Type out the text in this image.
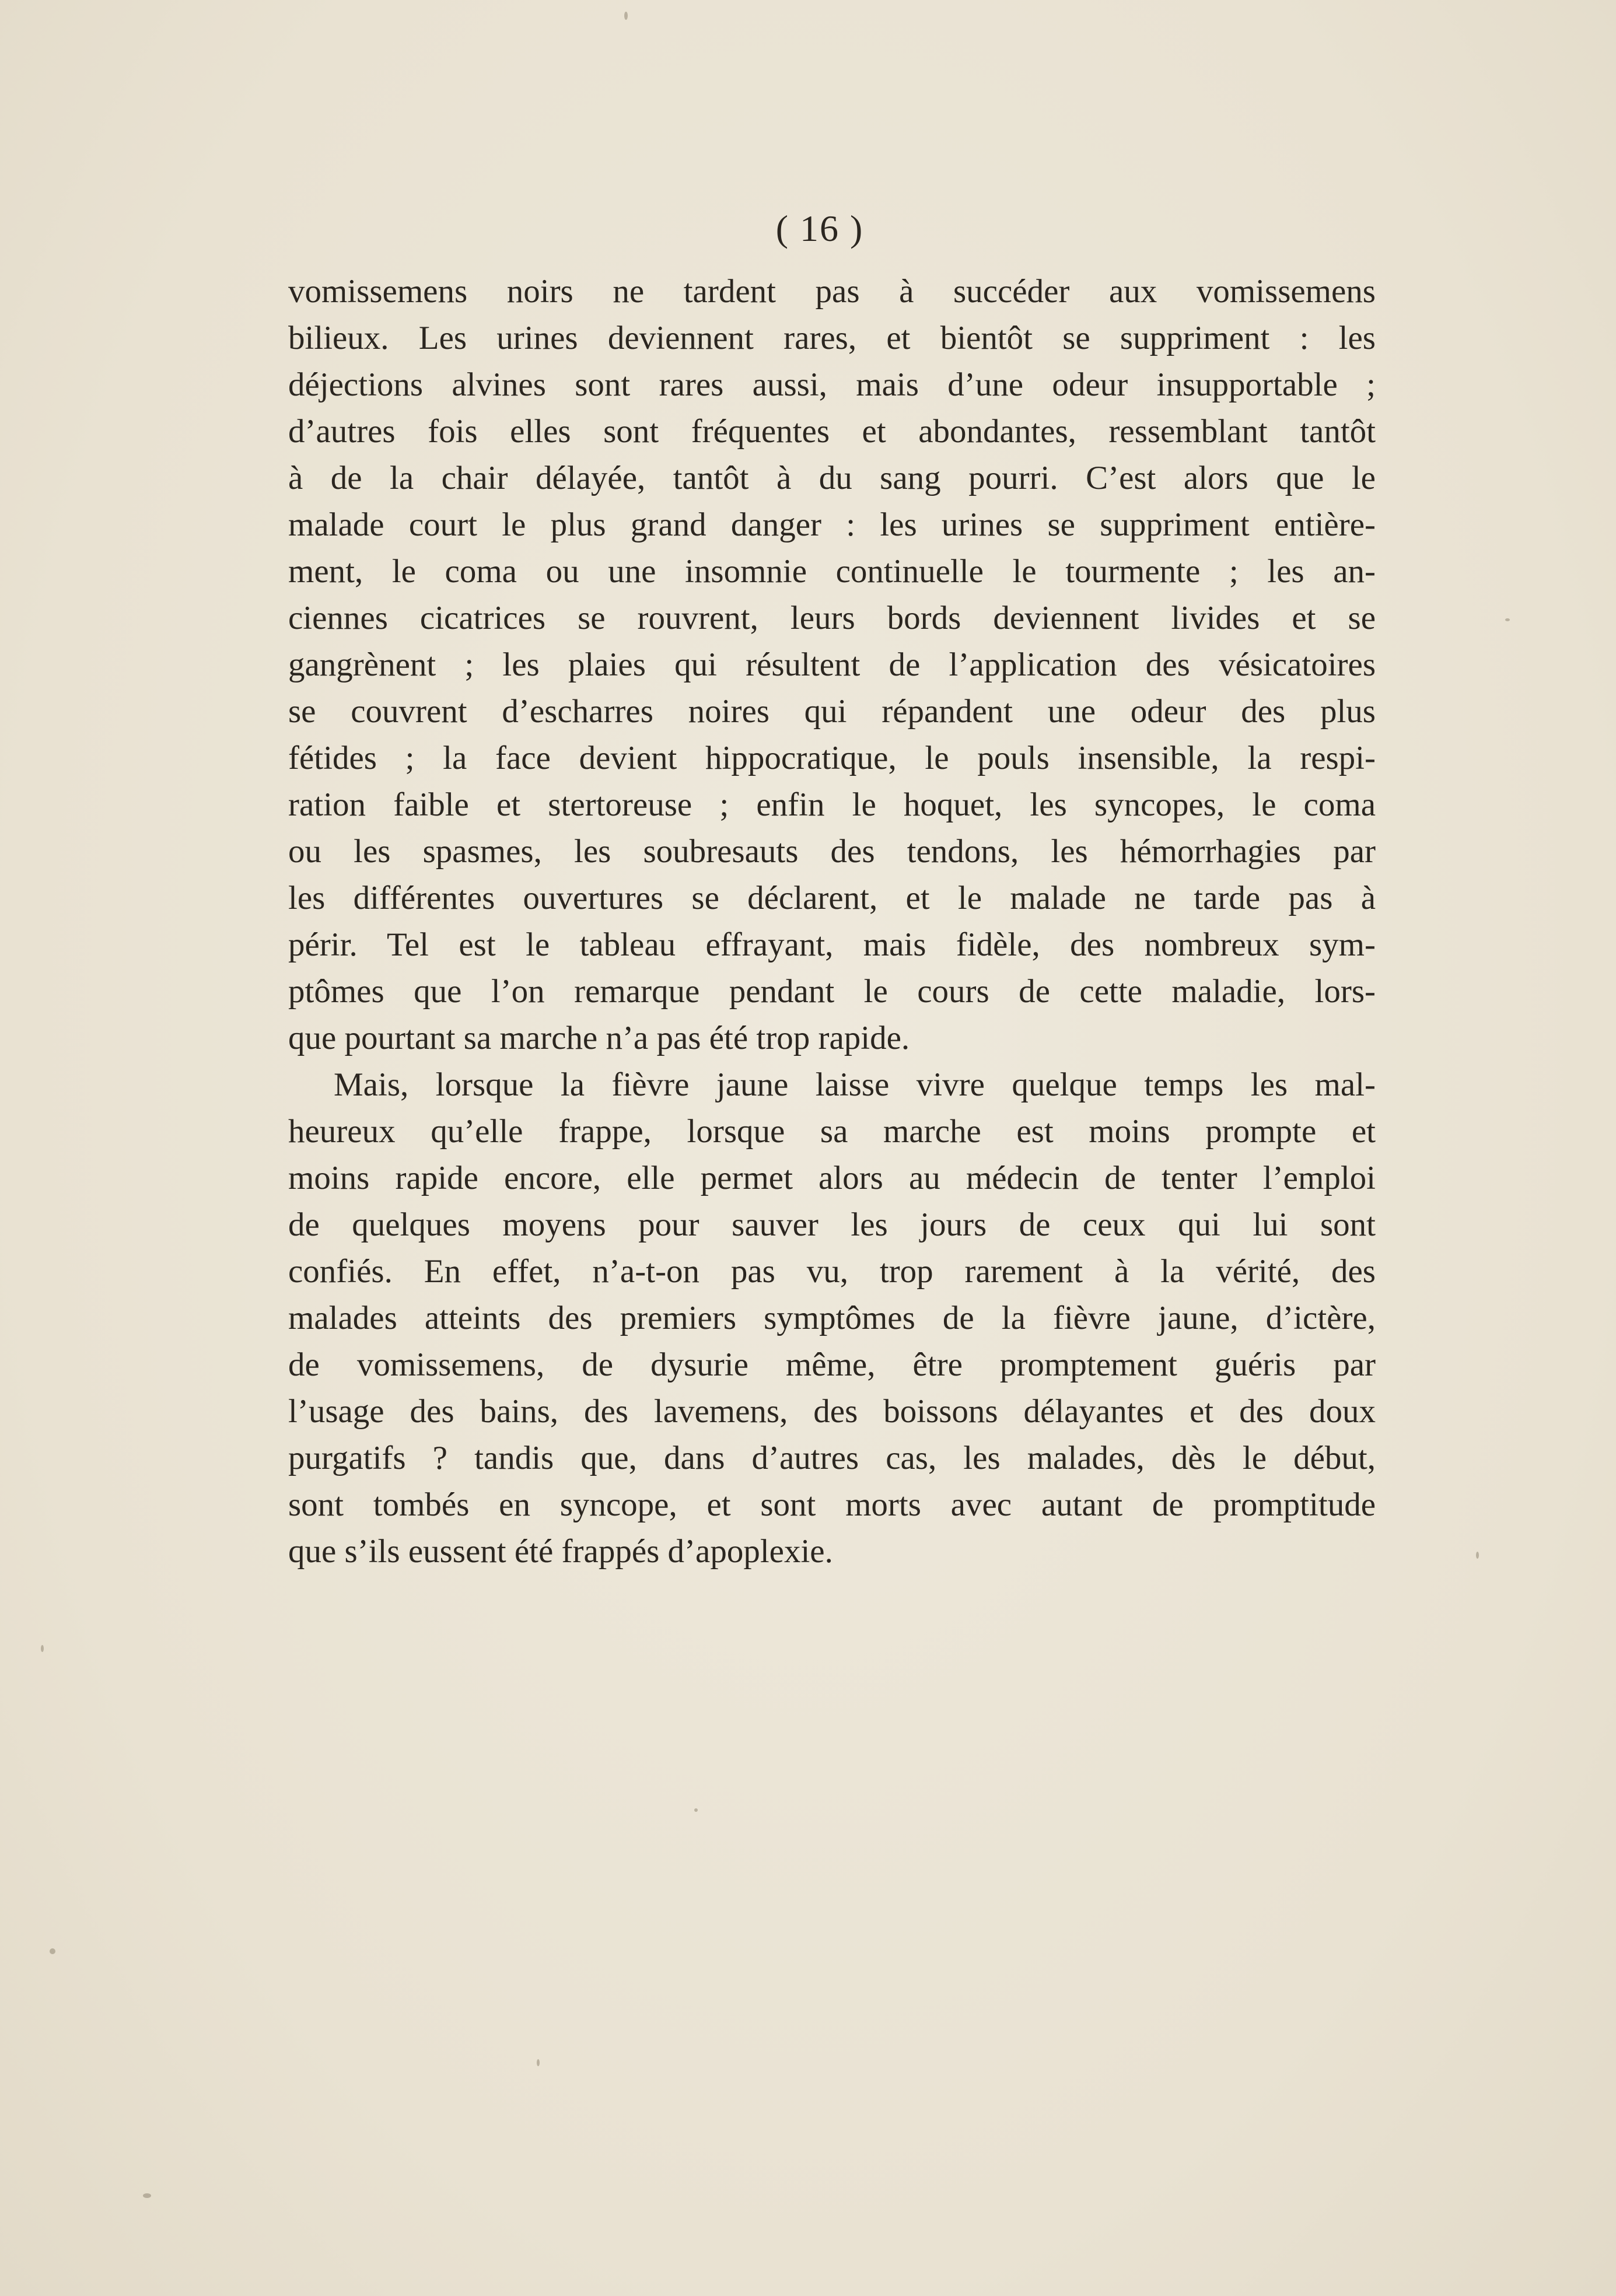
( 16 )
vomissemens noirs ne tardent pas à succéder aux vomissemens
bilieux. Les urines deviennent rares, et bientôt se suppriment : les
déjections alvines sont rares aussi, mais d’une odeur insupportable ;
d’autres fois elles sont fréquentes et abondantes, ressemblant tantôt
à de la chair délayée, tantôt à du sang pourri. C’est alors que le
malade court le plus grand danger : les urines se suppriment entière-
ment, le coma ou une insomnie continuelle le tourmente ; les an-
ciennes cicatrices se rouvrent, leurs bords deviennent livides et se
gangrènent ; les plaies qui résultent de l’application des vésicatoires
se couvrent d’escharres noires qui répandent une odeur des plus
fétides ; la face devient hippocratique, le pouls insensible, la respi-
ration faible et stertoreuse ; enfin le hoquet, les syncopes, le coma
ou les spasmes, les soubresauts des tendons, les hémorrhagies par
les différentes ouvertures se déclarent, et le malade ne tarde pas à
périr. Tel est le tableau effrayant, mais fidèle, des nombreux sym-
ptômes que l’on remarque pendant le cours de cette maladie, lors-
que pourtant sa marche n’a pas été trop rapide.
Mais, lorsque la fièvre jaune laisse vivre quelque temps les mal-
heureux qu’elle frappe, lorsque sa marche est moins prompte et
moins rapide encore, elle permet alors au médecin de tenter l’emploi
de quelques moyens pour sauver les jours de ceux qui lui sont
confiés. En effet, n’a-t-on pas vu, trop rarement à la vérité, des
malades atteints des premiers symptômes de la fièvre jaune, d’ictère,
de vomissemens, de dysurie même, être promptement guéris par
l’usage des bains, des lavemens, des boissons délayantes et des doux
purgatifs ? tandis que, dans d’autres cas, les malades, dès le début,
sont tombés en syncope, et sont morts avec autant de promptitude
que s’ils eussent été frappés d’apoplexie.
